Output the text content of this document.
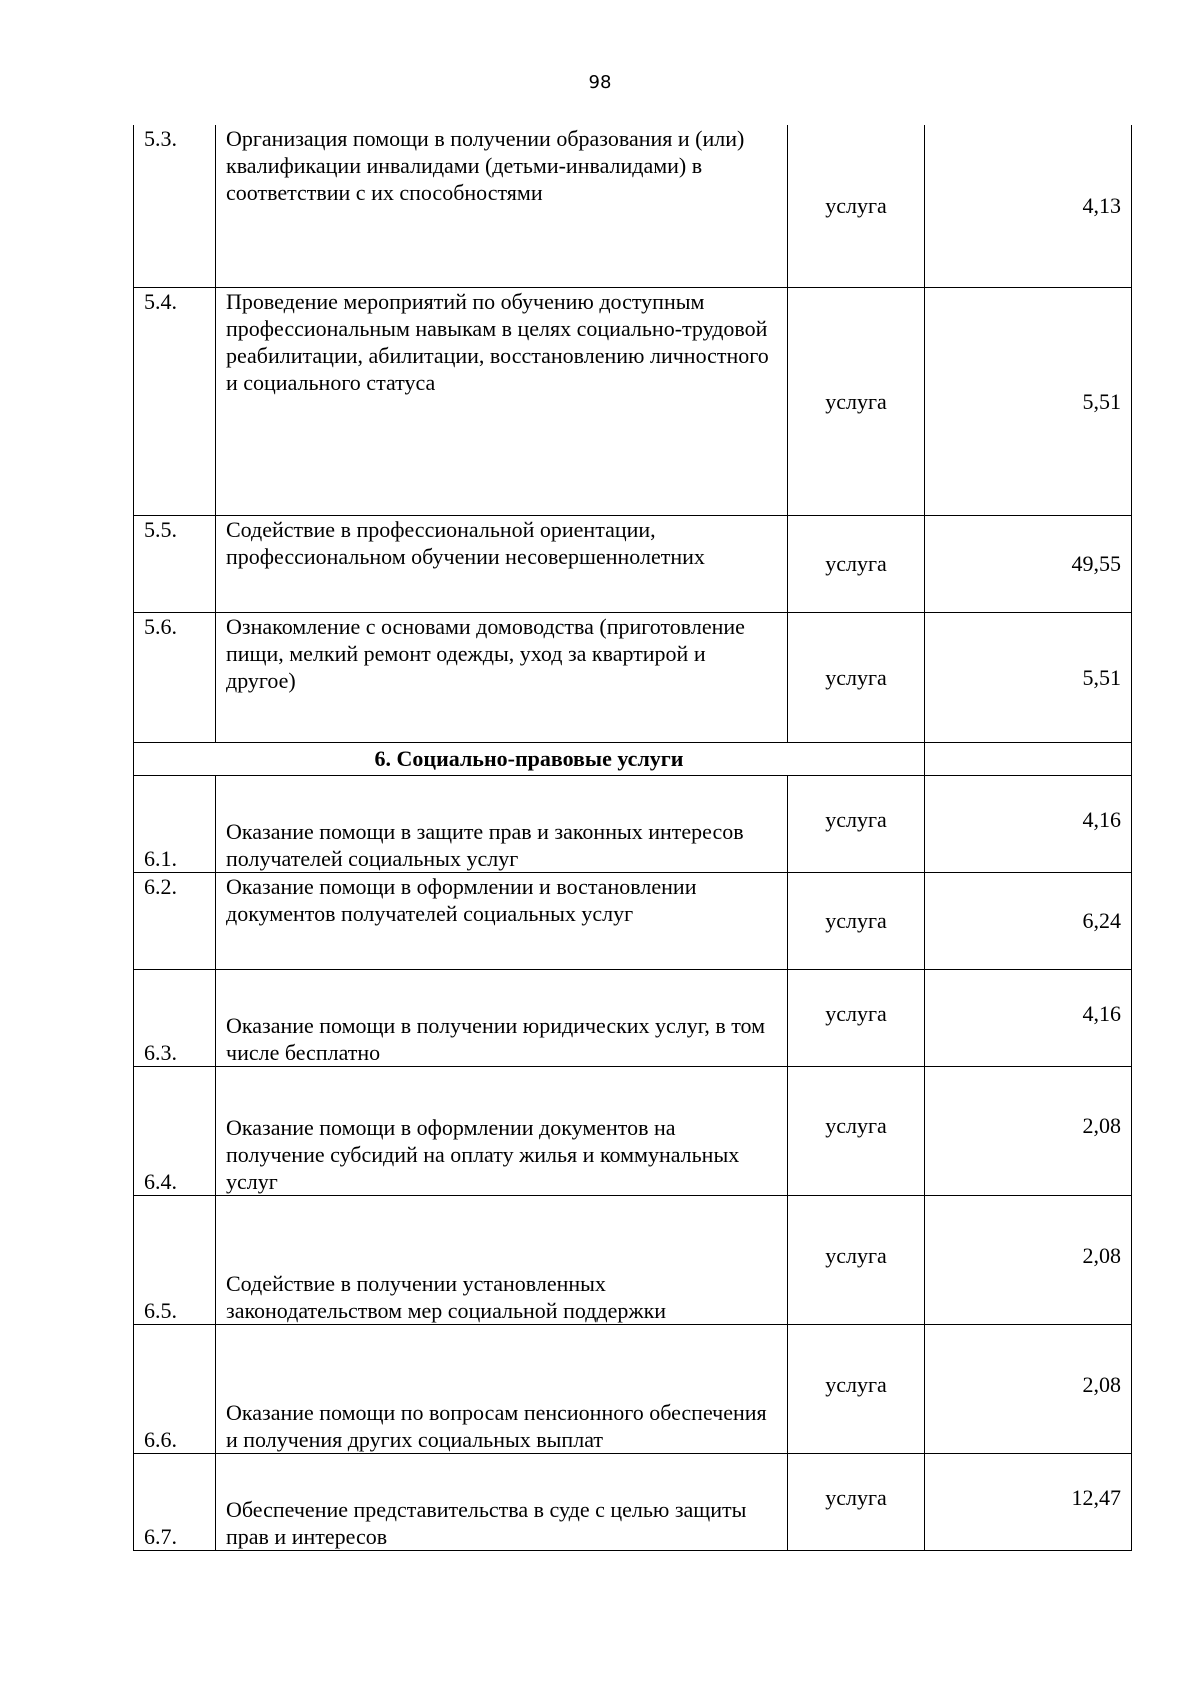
98
5.3.	Организация помощи в получении образования и (или) квалификации инвалидами (детьми-инвалидами) в соответствии с их способностями	услуга	4,13
5.4.	Проведение мероприятий по обучению доступным профессиональным навыкам в целях социально-трудовой реабилитации, абилитации, восстановлению личностного и социального статуса	услуга	5,51
5.5.	Содействие в профессиональной ориентации, профессиональном обучении несовершеннолетних	услуга	49,55
5.6.	Ознакомление с основами домоводства (приготовление пищи, мелкий ремонт одежды, уход за квартирой и другое)	услуга	5,51
6. Социально-правовые услуги			
6.1.	Оказание помощи в защите прав и законных интересов получателей социальных услуг	услуга	4,16
6.2.	Оказание помощи в оформлении и востановлении документов получателей социальных услуг	услуга	6,24
6.3.	Оказание помощи в получении юридических услуг, в том числе бесплатно	услуга	4,16
6.4.	Оказание помощи в оформлении документов на получение субсидий на оплату жилья и коммунальных услуг	услуга	2,08
6.5.	Содействие в получении установленных законодательством мер социальной поддержки	услуга	2,08
6.6.	Оказание помощи по вопросам пенсионного обеспечения и получения других социальных выплат	услуга	2,08
6.7.	Обеспечение представительства в суде с целью защиты прав и интересов	услуга	12,47
